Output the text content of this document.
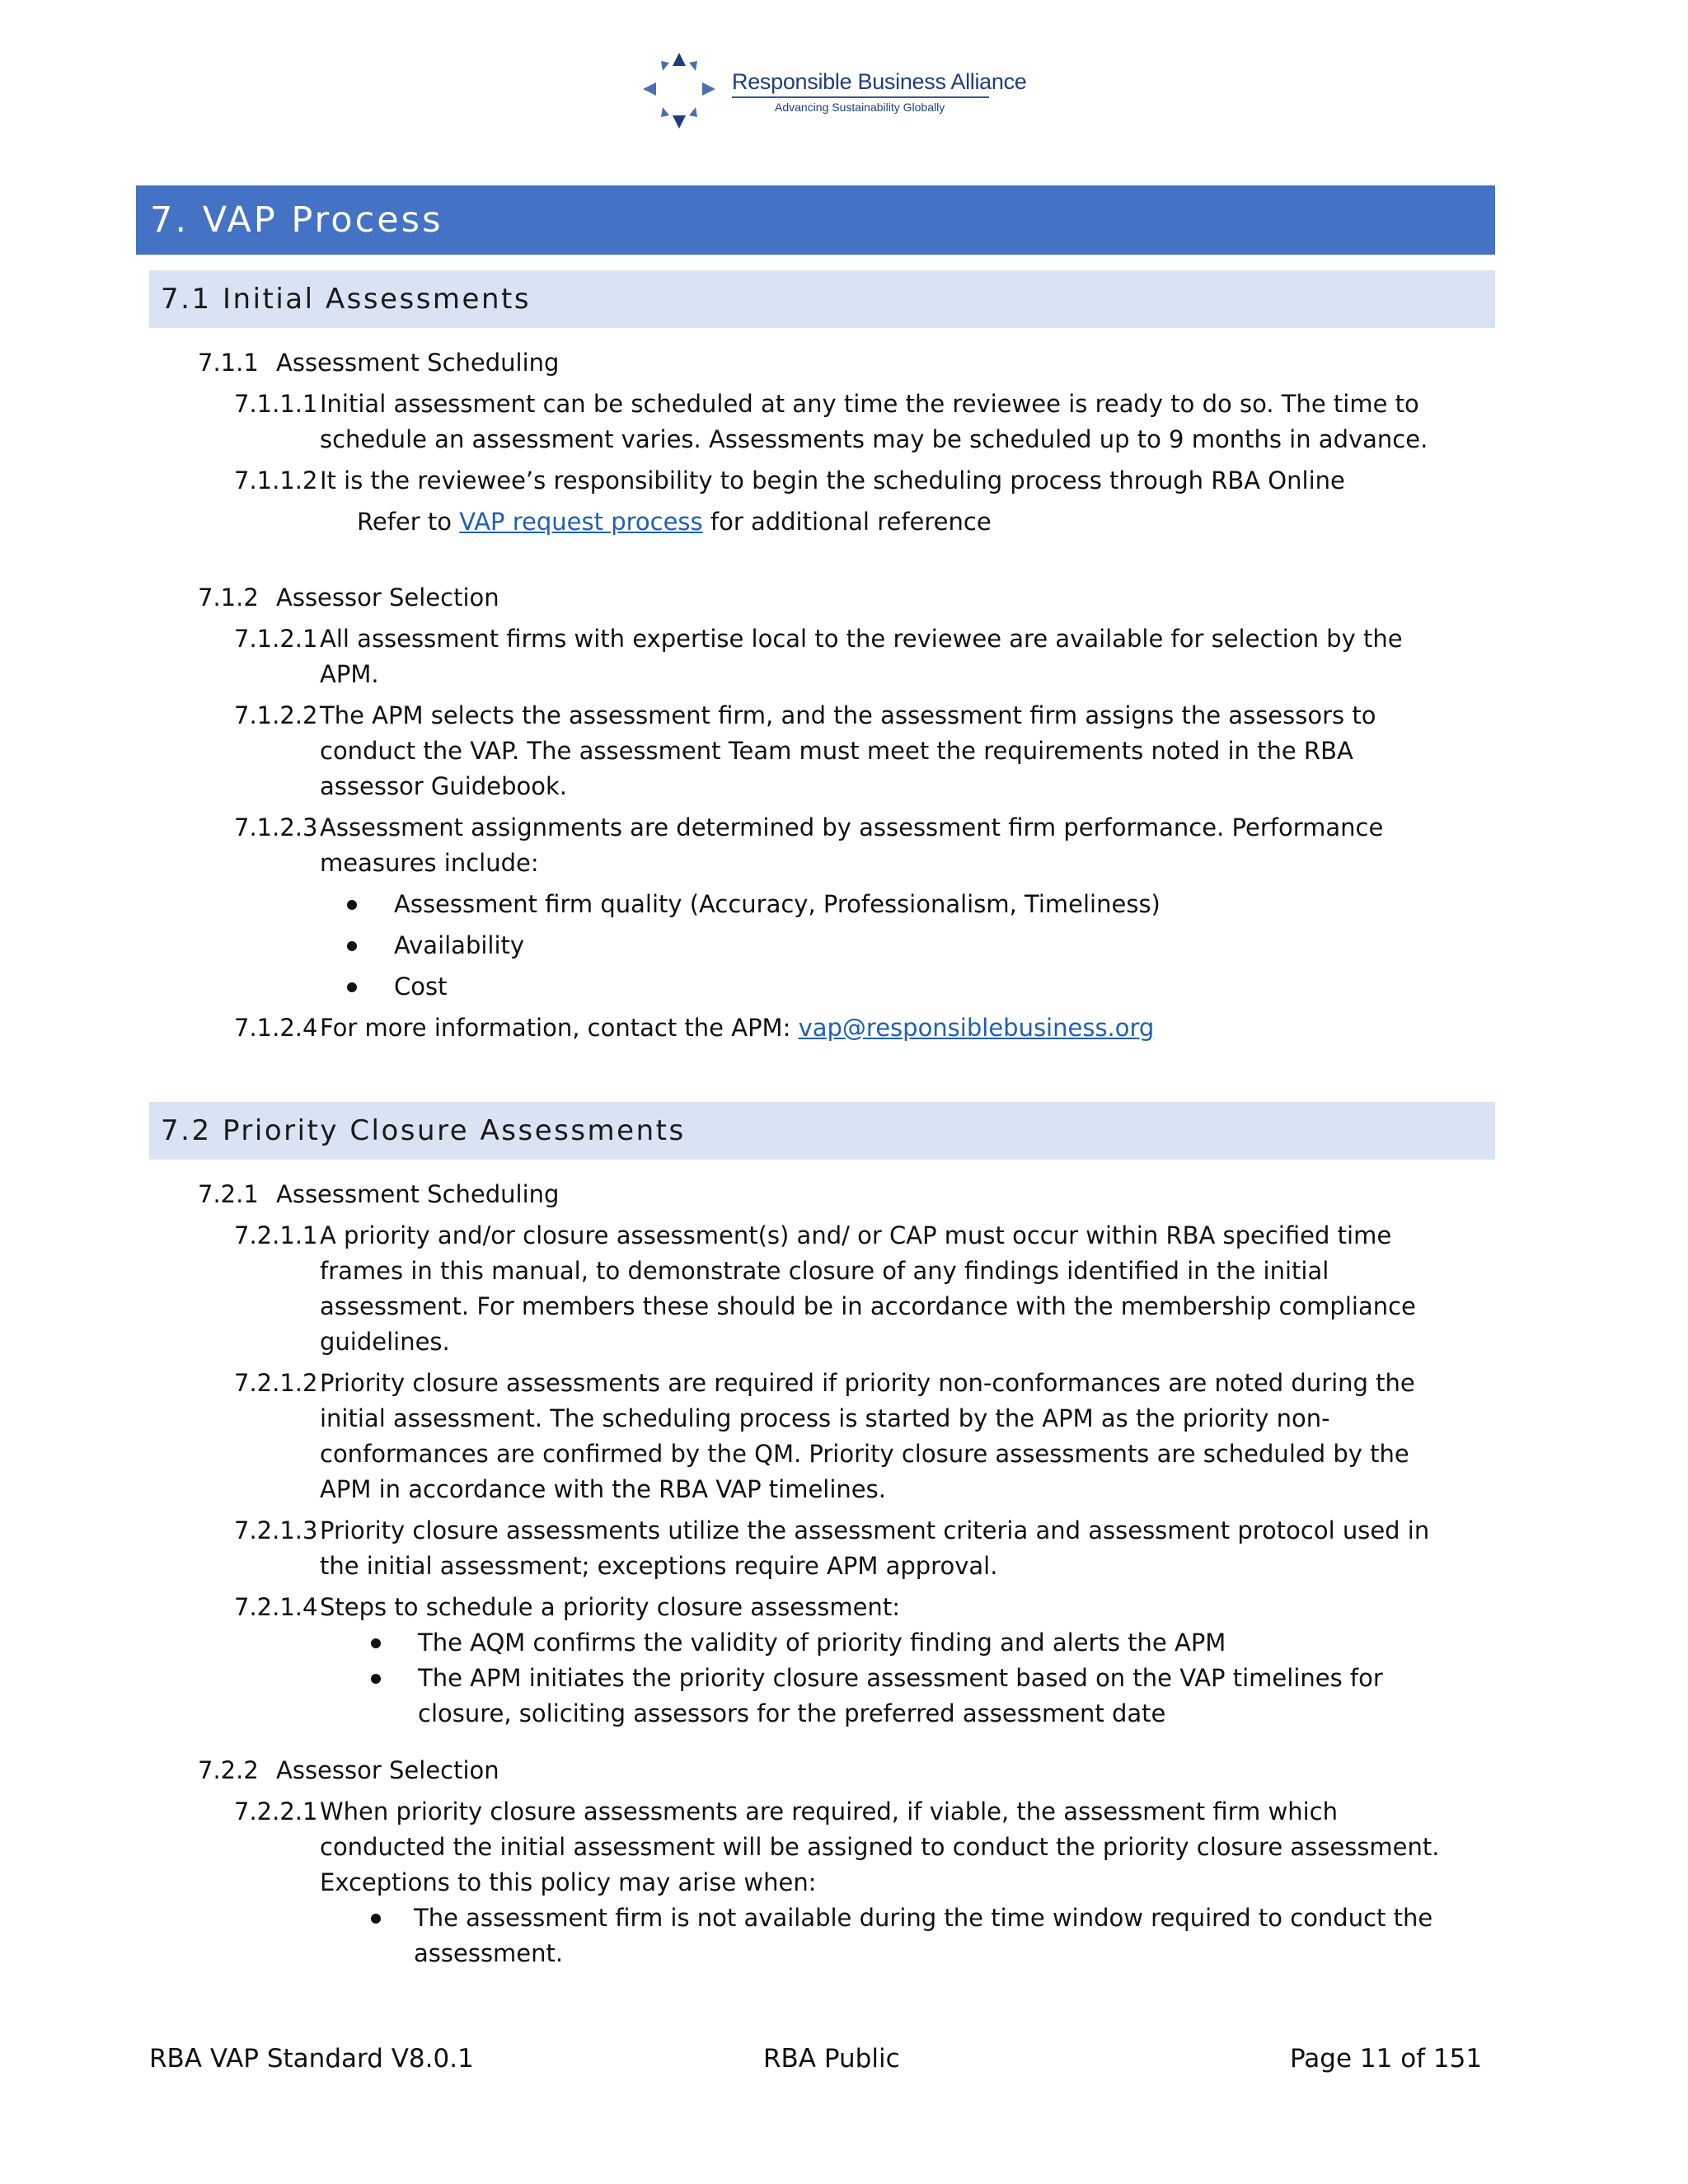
Responsible Business Alliance
Advancing Sustainability Globally
7. VAP Process
7.1 Initial Assessments
7.1.1 Assessment Scheduling
7.1.1.1 Initial assessment can be scheduled at any time the reviewee is ready to do so. The time to
schedule an assessment varies. Assessments may be scheduled up to 9 months in advance.
7.1.1.2 It is the reviewee’s responsibility to begin the scheduling process through RBA Online
Refer to VAP request process for additional reference
7.1.2 Assessor Selection
7.1.2.1 All assessment firms with expertise local to the reviewee are available for selection by the
APM.
7.1.2.2 The APM selects the assessment firm, and the assessment firm assigns the assessors to
conduct the VAP. The assessment Team must meet the requirements noted in the RBA
assessor Guidebook.
7.1.2.3 Assessment assignments are determined by assessment firm performance. Performance
measures include:
Assessment firm quality (Accuracy, Professionalism, Timeliness)
Availability
Cost
7.1.2.4 For more information, contact the APM: vap@responsiblebusiness.org
7.2 Priority Closure Assessments
7.2.1 Assessment Scheduling
7.2.1.1 A priority and/or closure assessment(s) and/ or CAP must occur within RBA specified time
frames in this manual, to demonstrate closure of any findings identified in the initial
assessment. For members these should be in accordance with the membership compliance
guidelines.
7.2.1.2 Priority closure assessments are required if priority non-conformances are noted during the
initial assessment. The scheduling process is started by the APM as the priority non-
conformances are confirmed by the QM. Priority closure assessments are scheduled by the
APM in accordance with the RBA VAP timelines.
7.2.1.3 Priority closure assessments utilize the assessment criteria and assessment protocol used in
the initial assessment; exceptions require APM approval.
7.2.1.4 Steps to schedule a priority closure assessment:
The AQM confirms the validity of priority finding and alerts the APM
The APM initiates the priority closure assessment based on the VAP timelines for
closure, soliciting assessors for the preferred assessment date
7.2.2 Assessor Selection
7.2.2.1 When priority closure assessments are required, if viable, the assessment firm which
conducted the initial assessment will be assigned to conduct the priority closure assessment.
Exceptions to this policy may arise when:
The assessment firm is not available during the time window required to conduct the
assessment.
RBA VAP Standard V8.0.1	RBA Public	Page 11 of 151
